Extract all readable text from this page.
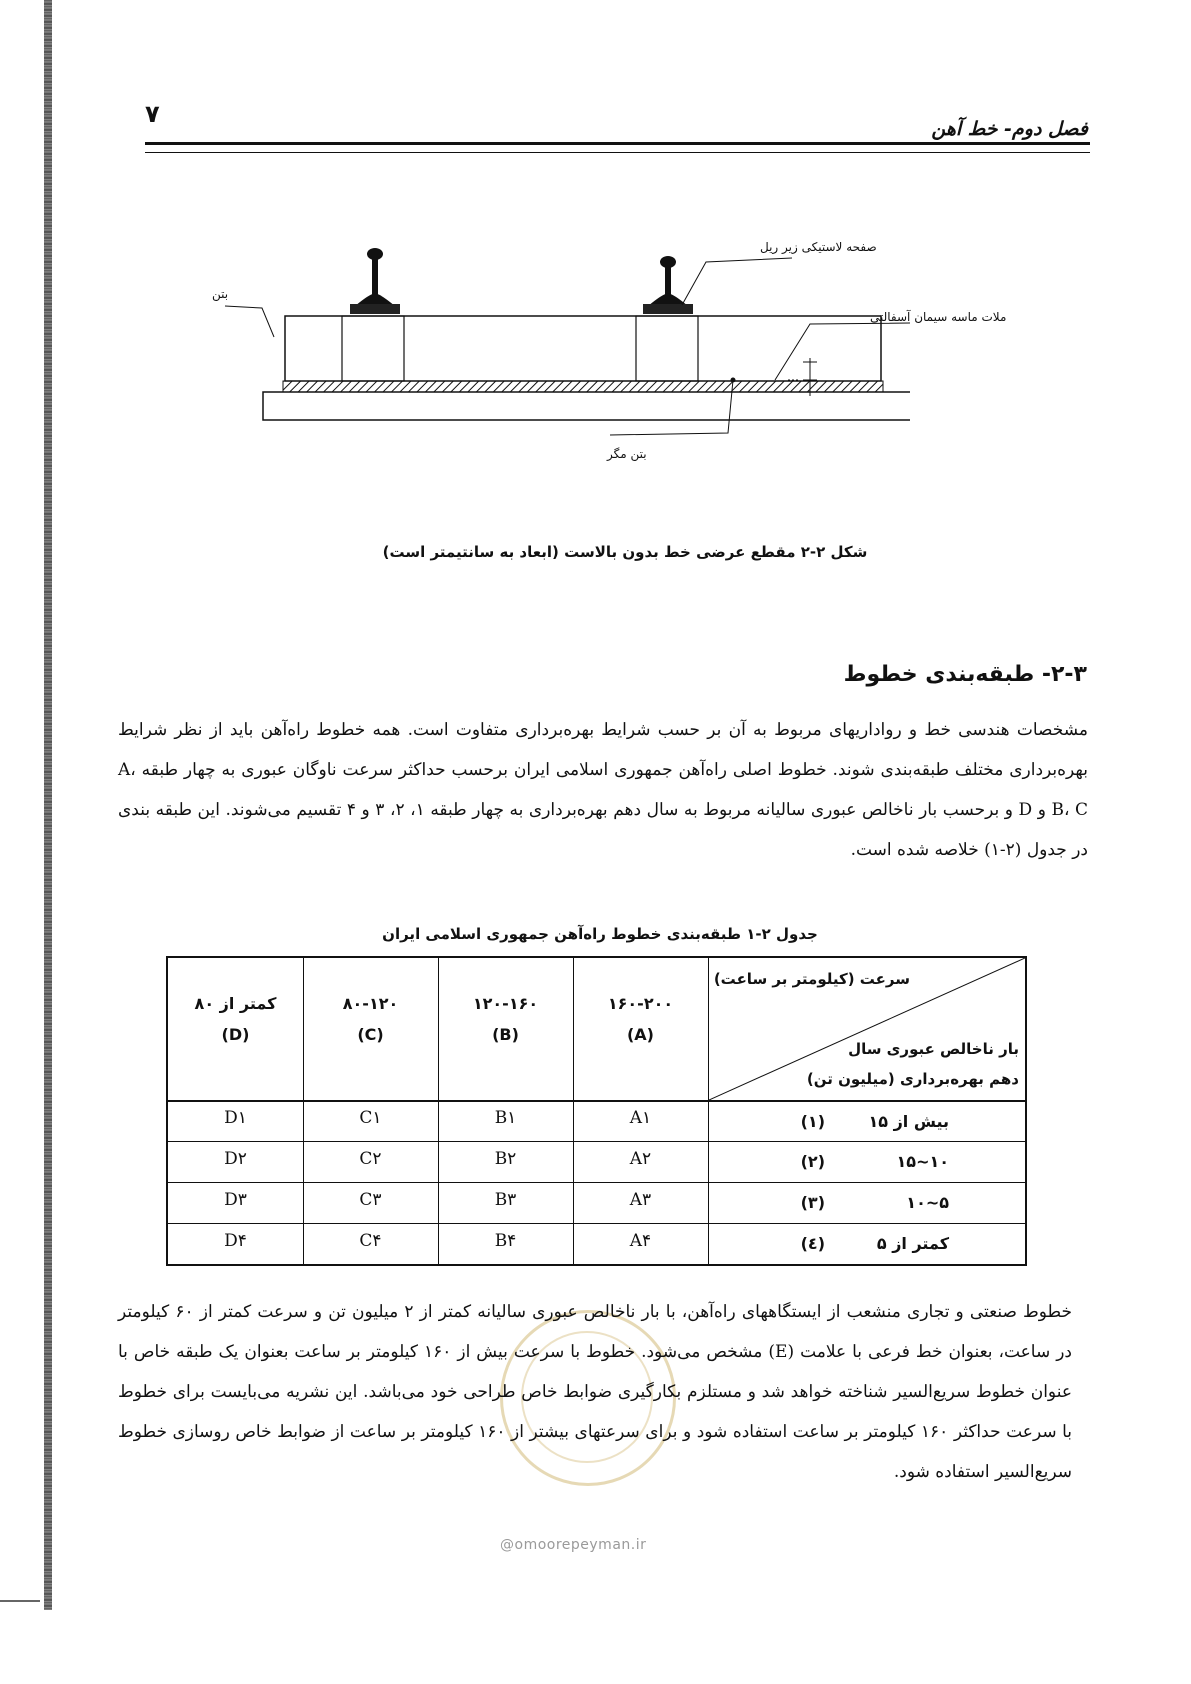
۷
فصل دوم- خط آهن
صفحه لاستیکی زیر ریل
بتن
ملات ماسه سیمان آسفالتی
بتن مگر
شکل ۲-۲ مقطع عرضی خط بدون بالاست (ابعاد به سانتیمتر است)
۲-۳- طبقه‌بندی خطوط
مشخصات هندسی خط و رواداریهای مربوط به آن بر حسب شرایط بهره‌برداری متفاوت است. همه خطوط راه‌آهن باید از نظر شرایط بهره‌برداری مختلف طبقه‌بندی شوند. خطوط اصلی راه‌آهن جمهوری اسلامی ایران برحسب حداکثر سرعت ناوگان عبوری به چهار طبقه A، B، C و D و برحسب بار ناخالص عبوری سالیانه مربوط به سال دهم بهره‌برداری به چهار طبقه ۱، ۲، ۳ و ۴ تقسیم می‌شوند. این طبقه بندی در جدول (۲-۱) خلاصه شده است.
جدول ۲-۱ طبقه‌بندی خطوط راه‌آهن جمهوری اسلامی ایران
سرعت (کیلومتر بر ساعت)
بار ناخالص عبوری سال
دهم بهره‌برداری (میلیون تن)
۱۶۰-۲۰۰
(A)
۱۲۰-۱۶۰
(B)
۸۰-۱۲۰
(C)
کمتر از ۸۰
(D)
بیش از ۱۵
(۱)
A۱
B۱
C۱
D۱
۱۰~۱۵
(۲)
A۲
B۲
C۲
D۲
۵~۱۰
(۳)
A۳
B۳
C۳
D۳
کمتر از ۵
(٤)
A۴
B۴
C۴
D۴
خطوط صنعتی و تجاری منشعب از ایستگاههای راه‌آهن، با بار ناخالص عبوری سالیانه کمتر از ۲ میلیون تن و سرعت کمتر از ۶۰ کیلومتر در ساعت، بعنوان خط فرعی با علامت (E) مشخص می‌شود. خطوط با سرعت بیش از ۱۶۰ کیلومتر بر ساعت بعنوان یک طبقه خاص با عنوان خطوط سریع‌السیر شناخته خواهد شد و مستلزم بکارگیری ضوابط خاص طراحی خود می‌باشد. این نشریه می‌بایست برای خطوط با سرعت حداکثر ۱۶۰ کیلومتر بر ساعت استفاده شود و برای سرعتهای بیشتر از ۱۶۰ کیلومتر بر ساعت از ضوابط خاص روسازی خطوط سریع‌السیر استفاده شود.
@omoorepeyman.ir
